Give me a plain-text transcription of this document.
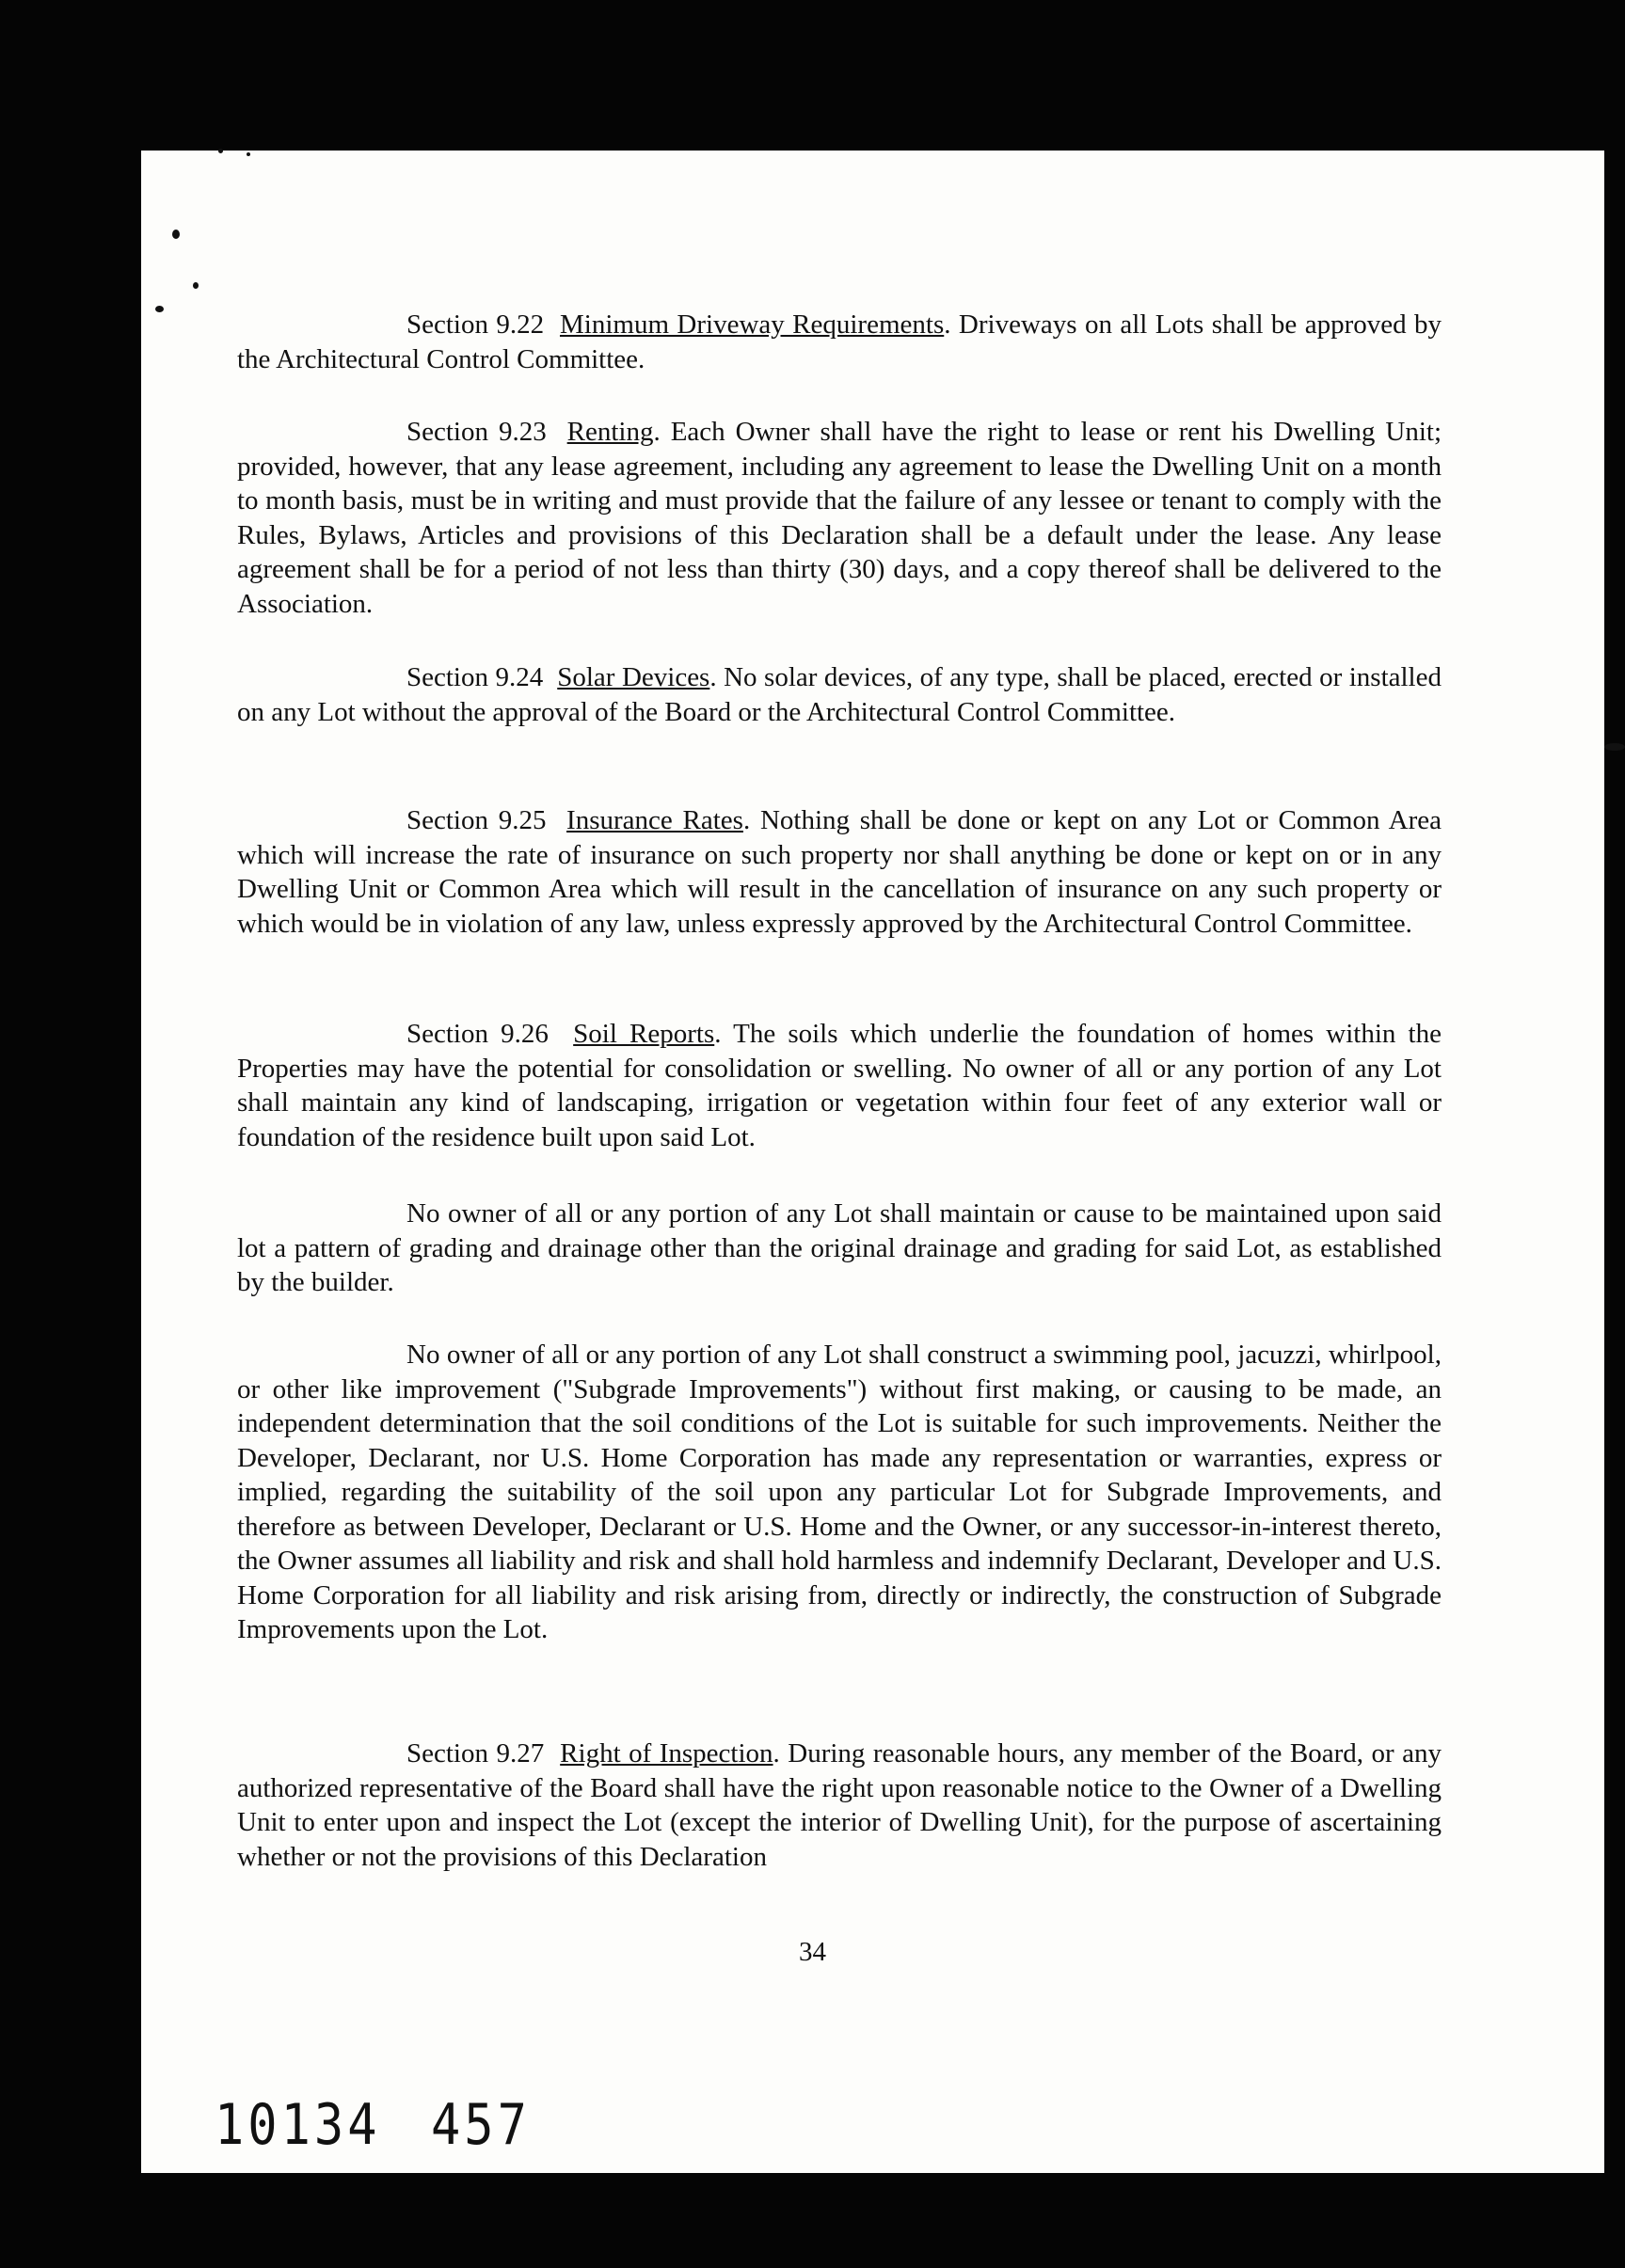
Section 9.22 Minimum Driveway Requirements. Driveways on all Lots shall be approved by the Architectural Control Committee.

Section 9.23 Renting. Each Owner shall have the right to lease or rent his Dwelling Unit; provided, however, that any lease agreement, including any agreement to lease the Dwelling Unit on a month to month basis, must be in writing and must provide that the failure of any lessee or tenant to comply with the Rules, Bylaws, Articles and provisions of this Declaration shall be a default under the lease. Any lease agreement shall be for a period of not less than thirty (30) days, and a copy thereof shall be delivered to the Association.

Section 9.24 Solar Devices. No solar devices, of any type, shall be placed, erected or installed on any Lot without the approval of the Board or the Architectural Control Committee.

Section 9.25 Insurance Rates. Nothing shall be done or kept on any Lot or Common Area which will increase the rate of insurance on such property nor shall anything be done or kept on or in any Dwelling Unit or Common Area which will result in the cancellation of insurance on any such property or which would be in violation of any law, unless expressly approved by the Architectural Control Committee.

Section 9.26 Soil Reports. The soils which underlie the foundation of homes within the Properties may have the potential for consolidation or swelling. No owner of all or any portion of any Lot shall maintain any kind of landscaping, irrigation or vegetation within four feet of any exterior wall or foundation of the residence built upon said Lot.

No owner of all or any portion of any Lot shall maintain or cause to be maintained upon said lot a pattern of grading and drainage other than the original drainage and grading for said Lot, as established by the builder.

No owner of all or any portion of any Lot shall construct a swimming pool, jacuzzi, whirlpool, or other like improvement ("Subgrade Improvements") without first making, or causing to be made, an independent determination that the soil conditions of the Lot is suitable for such improvements. Neither the Developer, Declarant, nor U.S. Home Corporation has made any representation or warranties, express or implied, regarding the suitability of the soil upon any particular Lot for Subgrade Improvements, and therefore as between Developer, Declarant or U.S. Home and the Owner, or any successor-in-interest thereto, the Owner assumes all liability and risk and shall hold harmless and indemnify Declarant, Developer and U.S. Home Corporation for all liability and risk arising from, directly or indirectly, the construction of Subgrade Improvements upon the Lot.

Section 9.27 Right of Inspection. During reasonable hours, any member of the Board, or any authorized representative of the Board shall have the right upon reasonable notice to the Owner of a Dwelling Unit to enter upon and inspect the Lot (except the interior of Dwelling Unit), for the purpose of ascertaining whether or not the provisions of this Declaration

34
10134 457
